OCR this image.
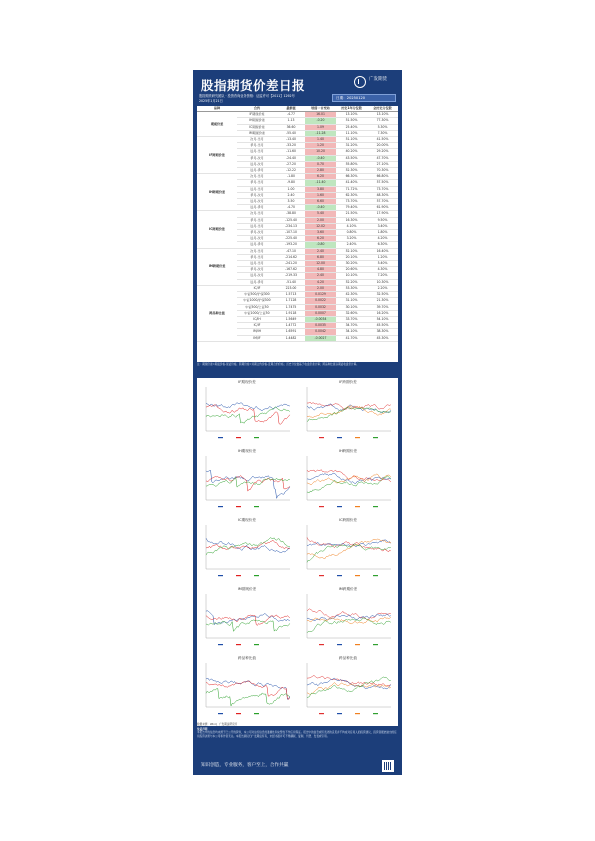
股指期货价差日报	广发期货
股指期货研究团队 · 投资咨询业务资格：证监许可【2011】1292号
2025年1月21日
日期：20250120
品种	合约	最新值	较前一日变动	历史1年分位数	全历史分位数
期现价差	IF期现价差	-4.77	16.01	13.10%	13.10%
	IH期现价差	1.13	-0.20	51.50%	77.30%
	IC期现价差	36.60	1.09	25.40%	5.30%
	IM期现价差	-55.40	-11.28	11.10%	7.30%
IF跨期价差	次月-当月	-13.40	1.40	51.10%	41.50%
	季月-当月	-33.20	1.20	31.20%	20.00%
	远月-当月	-11.60	10.20	40.20%	29.20%
	季月-次月	-24.40	-0.40	43.50%	47.70%
	远月-次月	-27.20	0.70	55.80%	27.10%
	远月-季月	-12.22	2.80	52.30%	70.30%
IH跨期价差	次月-当月	-1.80	6.20	66.30%	66.80%
	季月-当月	-9.80	-11.40	41.40%	57.50%
	远月-当月	1.00	3.80	71.72%	73.70%
	季月-次月	2.40	1.60	62.30%	48.30%
	远月-次月	3.50	6.60	73.70%	57.70%
	远月-季月	-4.70	-0.40	79.40%	61.90%
IC跨期价差	次月-当月	-38.80	5.40	21.50%	17.90%
	季月-当月	-125.40	2.00	16.30%	9.50%
	远月-当月	-234.13	12.02	4.10%	3.40%
	季月-次月	-107.10	3.60	0.80%	1.80%
	远月-次月	-225.40	6.20	3.20%	4.20%
	远月-季月	-193.20	-0.80	2.40%	6.30%
IM跨期价差	次月-当月	-47.10	2.40	52.10%	16.40%
	季月-当月	-214.62	6.80	20.10%	1.20%
	远月-当月	-241.20	12.00	30.20%	5.40%
	季月-次月	-167.62	4.80	20.60%	4.30%
	远月-次月	-219.33	2.40	10.10%	7.20%
	远月-季月	-51.40	4.20	52.20%	10.30%
跨品种比值	IC/IF	223.00	2.00	53.30%	2.20%
	中证500/沪深300	1.5713	0.0129	42.30%	32.50%
	中证1000/沪深300	1.7128	0.0022	31.10%	21.30%
	中证500/上证50	1.7475	0.0032	30.10%	39.70%
	中证1000/上证50	1.9118	0.0007	32.60%	16.20%
	IC/IH	1.5649	-0.0034	33.70%	54.10%
	IC/IF	1.4772	0.0035	34.70%	45.50%
	IM/IH	1.6591	0.0042	34.10%	38.30%
	IM/IF	1.4482	-0.0027	41.70%	45.30%
注：期现价差=期货价格-现货价格；跨期价差=远期合约价格-近期合约价格；历史分位数基于收盘价差计算；跨品种比值以期货收盘价计算。
IF期现价差	IF跨期价差
IH期现价差	IH跨期价差
IC期现价差	IC跨期价差
IM期现价差	IM跨期价差
跨品种比值	跨品种比值
数据来源：Wind，广发期货研究所
免责声明
本报告中的信息均来源于已公开的资料，本公司对这些信息的准确性和完整性不作任何保证。报告中的信息或所表述的意见并不构成对任何人的投资建议，投资者据此做出的任何投资决策与本公司和作者无关。本报告版权归广发期货所有，未经书面许可不得翻版、复制、刊登、发表或引用。
知识创造，专业服务，客户至上，合作共赢
